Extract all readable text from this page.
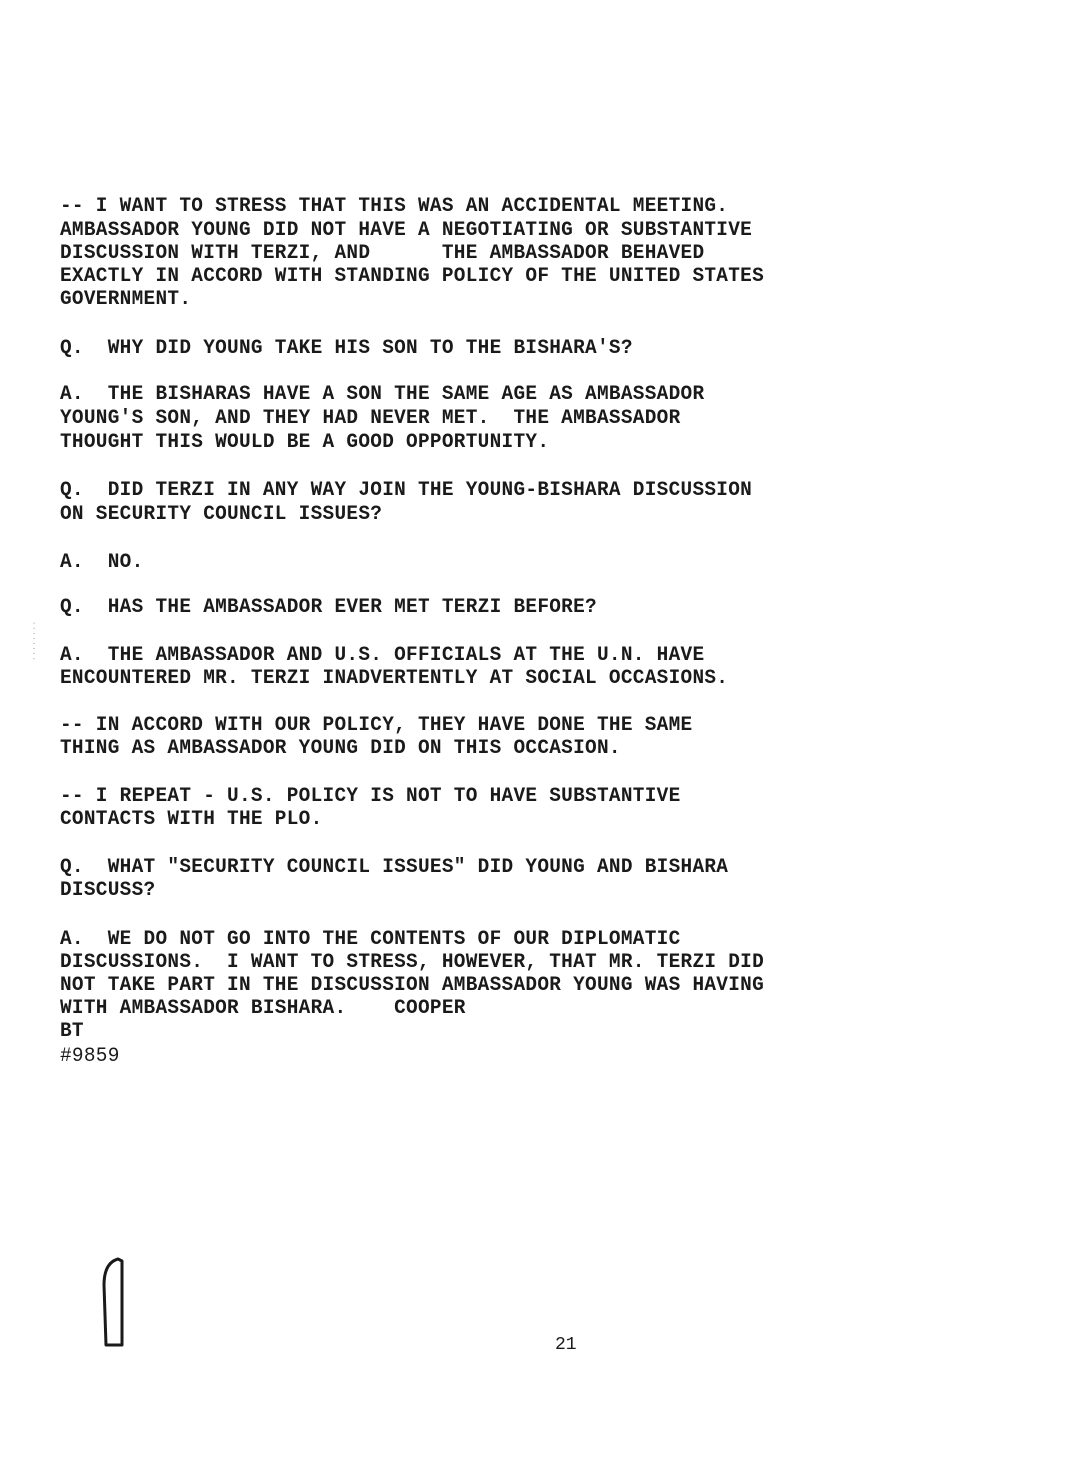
· · · · · · · ·
-- I WANT TO STRESS THAT THIS WAS AN ACCIDENTAL MEETING.
AMBASSADOR YOUNG DID NOT HAVE A NEGOTIATING OR SUBSTANTIVE
DISCUSSION WITH TERZI, AND      THE AMBASSADOR BEHAVED
EXACTLY IN ACCORD WITH STANDING POLICY OF THE UNITED STATES
GOVERNMENT.
Q.  WHY DID YOUNG TAKE HIS SON TO THE BISHARA'S?
A.  THE BISHARAS HAVE A SON THE SAME AGE AS AMBASSADOR
YOUNG'S SON, AND THEY HAD NEVER MET.  THE AMBASSADOR
THOUGHT THIS WOULD BE A GOOD OPPORTUNITY.
Q.  DID TERZI IN ANY WAY JOIN THE YOUNG-BISHARA DISCUSSION
ON SECURITY COUNCIL ISSUES?
A.  NO.
Q.  HAS THE AMBASSADOR EVER MET TERZI BEFORE?
A.  THE AMBASSADOR AND U.S. OFFICIALS AT THE U.N. HAVE
ENCOUNTERED MR. TERZI INADVERTENTLY AT SOCIAL OCCASIONS.
-- IN ACCORD WITH OUR POLICY, THEY HAVE DONE THE SAME
THING AS AMBASSADOR YOUNG DID ON THIS OCCASION.
-- I REPEAT - U.S. POLICY IS NOT TO HAVE SUBSTANTIVE
CONTACTS WITH THE PLO.
Q.  WHAT "SECURITY COUNCIL ISSUES" DID YOUNG AND BISHARA
DISCUSS?
A.  WE DO NOT GO INTO THE CONTENTS OF OUR DIPLOMATIC
DISCUSSIONS.  I WANT TO STRESS, HOWEVER, THAT MR. TERZI DID
NOT TAKE PART IN THE DISCUSSION AMBASSADOR YOUNG WAS HAVING
WITH AMBASSADOR BISHARA.    COOPER
BT
#9859
21
